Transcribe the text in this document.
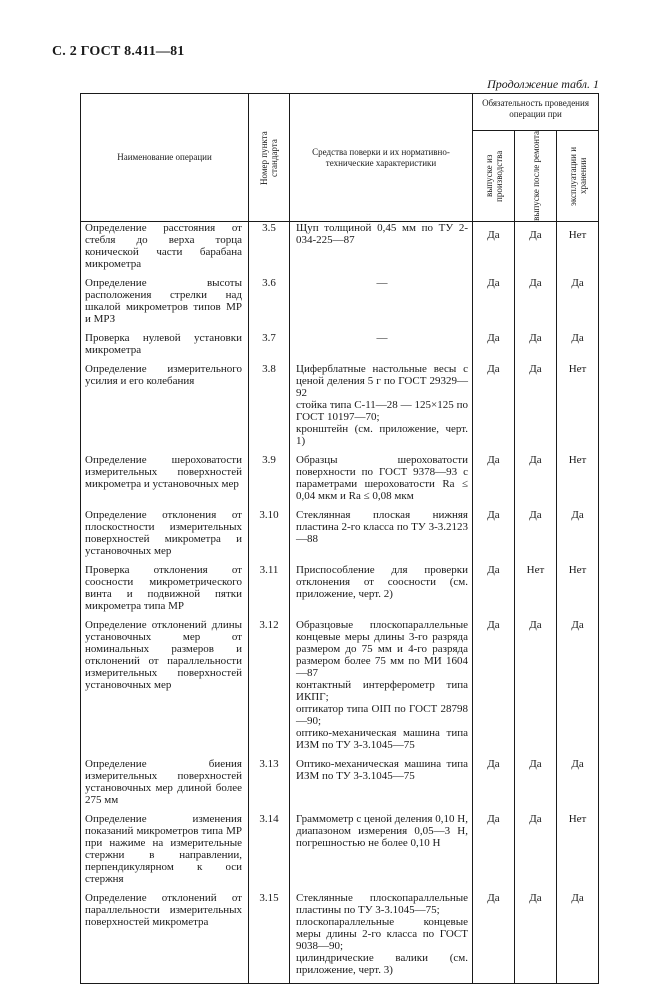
С. 2 ГОСТ 8.411—81
Продолжение табл. 1
Наименование операции	Номер пункта стандарта	Средства поверки и их нормативно-технические характеристики	Обязательность проведения операции при		

			выпуске из производства	выпуске после ремонта	эксплуатации и хранении

Определение расстояния от стебля до верха торца конической части барабана микрометра	3.5	Щуп толщиной 0,45 мм по ТУ 2-034-225—87	Да	Да	Нет
Определение высоты расположения стрелки над шкалой микрометров типов МР и МРЗ	3.6	—	Да	Да	Да
Проверка нулевой установки микрометра	3.7	—	Да	Да	Да
Определение измерительного усилия и его колебания	3.8	Циферблатные настольные весы с ценой деления 5 г по ГОСТ 29329—92
стойка типа С-11—28 — 125×125 по ГОСТ 10197—70;
кронштейн (см. приложение, черт. 1)	Да	Да	Нет
Определение шероховатости измерительных поверхностей микрометра и установочных мер	3.9	Образцы шероховатости поверхности по ГОСТ 9378—93 с параметрами шероховатости Ra ≤ 0,04 мкм и Ra ≤ 0,08 мкм	Да	Да	Нет
Определение отклонения от плоскостности измерительных поверхностей микрометра и установочных мер	3.10	Стеклянная плоская нижняя пластина 2-го класса по ТУ 3-3.2123—88	Да	Да	Да
Проверка отклонения от соосности микрометрического винта и подвижной пятки микрометра типа МР	3.11	Приспособление для проверки отклонения от соосности (см. приложение, черт. 2)	Да	Нет	Нет
Определение отклонений длины установочных мер от номинальных размеров и отклонений от параллельности измерительных поверхностей установочных мер	3.12	Образцовые плоскопараллельные концевые меры длины 3-го разряда размером до 75 мм и 4-го разряда размером более 75 мм по МИ 1604—87
контактный интерферометр типа ИКПГ;
оптикатор типа ОIП по ГОСТ 28798—90;
оптико-механическая машина типа ИЗМ по ТУ 3-3.1045—75	Да	Да	Да
Определение биения измерительных поверхностей установочных мер длиной более 275 мм	3.13	Оптико-механическая машина типа ИЗМ по ТУ 3-3.1045—75	Да	Да	Да
Определение изменения показаний микрометров типа МР при нажиме на измерительные стержни в направлении, перпендикулярном к оси стержня	3.14	Граммометр с ценой деления 0,10 Н, диапазоном измерения 0,05—3 Н, погрешностью не более 0,10 Н	Да	Да	Нет
Определение отклонений от параллельности измерительных поверхностей микрометра	3.15	Стеклянные плоскопараллельные пластины по ТУ 3-3.1045—75;
плоскопараллельные концевые меры длины 2-го класса по ГОСТ 9038—90;
цилиндрические валики (см. приложение, черт. 3)	Да	Да	Да
